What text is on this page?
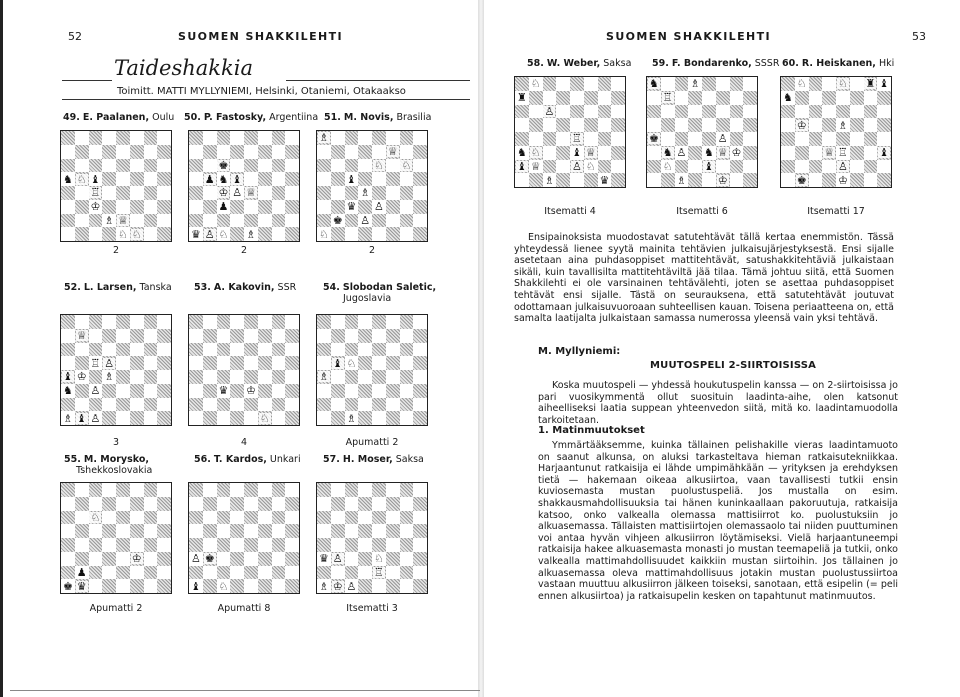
52	SUOMEN SHAKKILEHTI	SUOMEN SHAKKILEHTI	53
Taideshakkia
Toimitt. MATTI MYLLYNIEMI, Helsinki, Otaniemi, Otakaakso
49. E. Paalanen, Oulu 50. P. Fastosky, Argentiina 51. M. Novis, Brasilia
♞ ♘ ♝
♖
♔
♗ ♕
♘ ♘
♚
♟ ♞ ♝
♔ ♙ ♕
♟
♛ ♙ ♘ ♗
♗
♕
♘ ♘
♝
♗
♛ ♙
♚ ♙
♘
2	2	2
52. L. Larsen, Tanska 53. A. Kakovin, SSR	54. Slobodan Saletic,
Jugoslavia
♕
♖ ♙
♝ ♔ ♗
♞ ♙
♗ ♝ ♙
♛ ♔
♘
♝ ♘
♗
♗
3	4	Apumatti 2
55. M. Morysko,
Tshekkoslovakia
56. T. Kardos, Unkari 57. H. Moser, Saksa
♘
♔
♟
♚ ♛
♙ ♚
♝ ♘
♛ ♙	♘
♖
♗ ♔ ♙
Apumatti 2	Apumatti 8	Itsematti 3
58. W. Weber, Saksa 59. F. Bondarenko, SSSR 60. R. Heiskanen, Hki
♘
♜
♙
♖
♞ ♘	♝ ♕
♝ ♕	♙ ♘
♗	♛
♞	♗
♖
♚	♙
♞ ♙ ♞ ♕ ♔
♘	♝
♗	♔
♘	♘ ♜ ♝
♞
♔	♗
♕ ♖	♝
♙
♚	♔
Itsematti 4	Itsematti 6	Itsematti 17
Ensipainoksista muodostavat satutehtävät tällä kertaa enemmistön. Tässä yhteydessä lienee syytä mainita tehtävien julkaisujärjestyksestä. Ensi sijalle asetetaan aina puhdasoppiset mattitehtävät, satushakkitehtäviä julkaistaan sikäli, kuin tavallisilta mattitehtäviltä jää tilaa. Tämä johtuu siitä, että Suomen Shakkilehti ei ole varsinainen tehtävälehti, joten se asettaa puhdasoppiset tehtävät ensi sijalle. Tästä on seurauksena, että satutehtävät joutuvat odottamaan julkaisuvuoroaan suhteellisen kauan. Toisena periaatteena on, että samalta laatijalta julkaistaan samassa numerossa yleensä vain yksi tehtävä.
M. Myllyniemi:
MUUTOSPELI 2-SIIRTOISISSA
Koska muutospeli — yhdessä houkutuspelin kanssa — on 2-siirtoisissa jo pari vuosikymmentä ollut suosituin laadinta-aihe, olen katsonut aiheelliseksi laatia suppean yhteenvedon siitä, mitä ko. laadintamuodolla tarkoitetaan.
1. Matinmuutokset
Ymmärtääksemme, kuinka tällainen pelishakille vieras laadintamuoto on saanut alkunsa, on aluksi tarkasteltava hieman ratkaisutekniikkaa. Harjaantunut ratkaisija ei lähde umpimähkään — yrityksen ja erehdyksen tietä — hakemaan oikeaa alkusiirtoa, vaan tavallisesti tutkii ensin kuviosemasta mustan puolustuspeliä. Jos mustalla on esim. shakkausmahdollisuuksia tai hänen kuninkaallaan pakoruutuja, ratkaisija katsoo, onko valkealla olemassa mattisiirrot ko. puolustuksiin jo alkuasemassa. Tällaisten mattisiirtojen olemassaolo tai niiden puuttuminen voi antaa hyvän vihjeen alkusiirron löytämiseksi. Vielä harjaantuneempi ratkaisija hakee alkuasemasta monasti jo mustan teemapeliä ja tutkii, onko valkealla mattimahdollisuudet kaikkiin mustan siirtoihin. Jos tällainen jo alkuasemassa oleva mattimahdollisuus jotakin mustan puolustussiirtoa vastaan muuttuu alkusiirron jälkeen toiseksi, sanotaan, että esipelin (= peli ennen alkusiirtoa) ja ratkaisupelin kesken on tapahtunut matinmuutos.
